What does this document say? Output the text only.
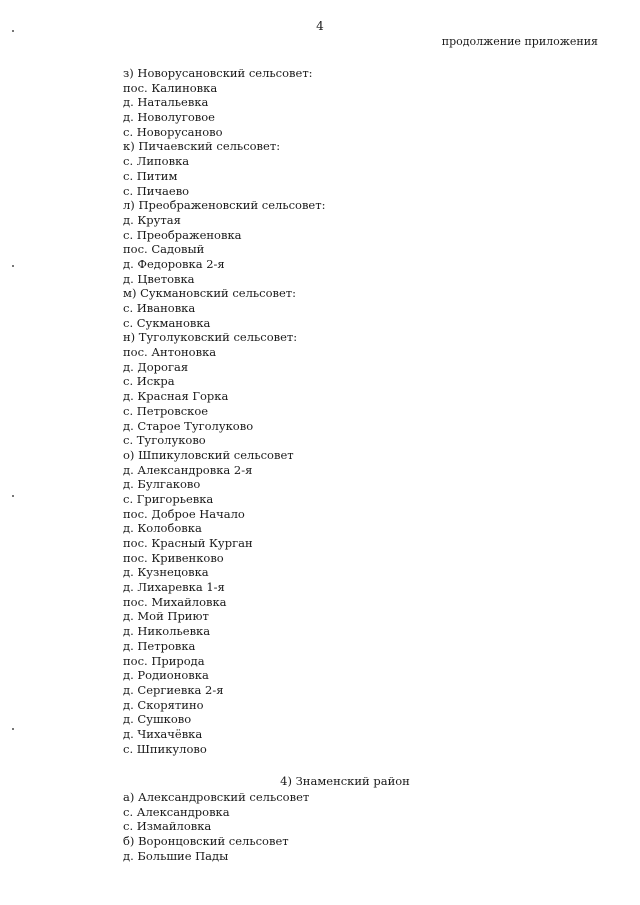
4
продолжение приложения
з) Новорусановский сельсовет:
пос. Калиновка
д. Натальевка
д. Новолуговое
с. Новорусаново
к) Пичаевский сельсовет:
с. Липовка
с. Питим
с. Пичаево
л) Преображеновский сельсовет:
д. Крутая
с. Преображеновка
пос. Садовый
д. Федоровка 2-я
д. Цветовка
м) Сукмановский сельсовет:
с. Ивановка
с. Сукмановка
н) Туголуковский сельсовет:
пос. Антоновка
д. Дорогая
с. Искра
д. Красная Горка
с. Петровское
д. Старое Туголуково
с. Туголуково
о) Шпикуловский сельсовет
д. Александровка 2-я
д. Булгаково
с. Григорьевка
пос. Доброе Начало
д. Колобовка
пос. Красный Курган
пос. Кривенково
д. Кузнецовка
д. Лихаревка 1-я
пос. Михайловка
д. Мой Приют
д. Никольевка
д. Петровка
пос. Природа
д. Родионовка
д. Сергиевка 2-я
д. Скорятино
д. Сушково
д. Чихачёвка
с. Шпикулово
4) Знаменский район
а) Александровский сельсовет
с. Александровка
с. Измайловка
б) Воронцовский сельсовет
д. Большие Пады
